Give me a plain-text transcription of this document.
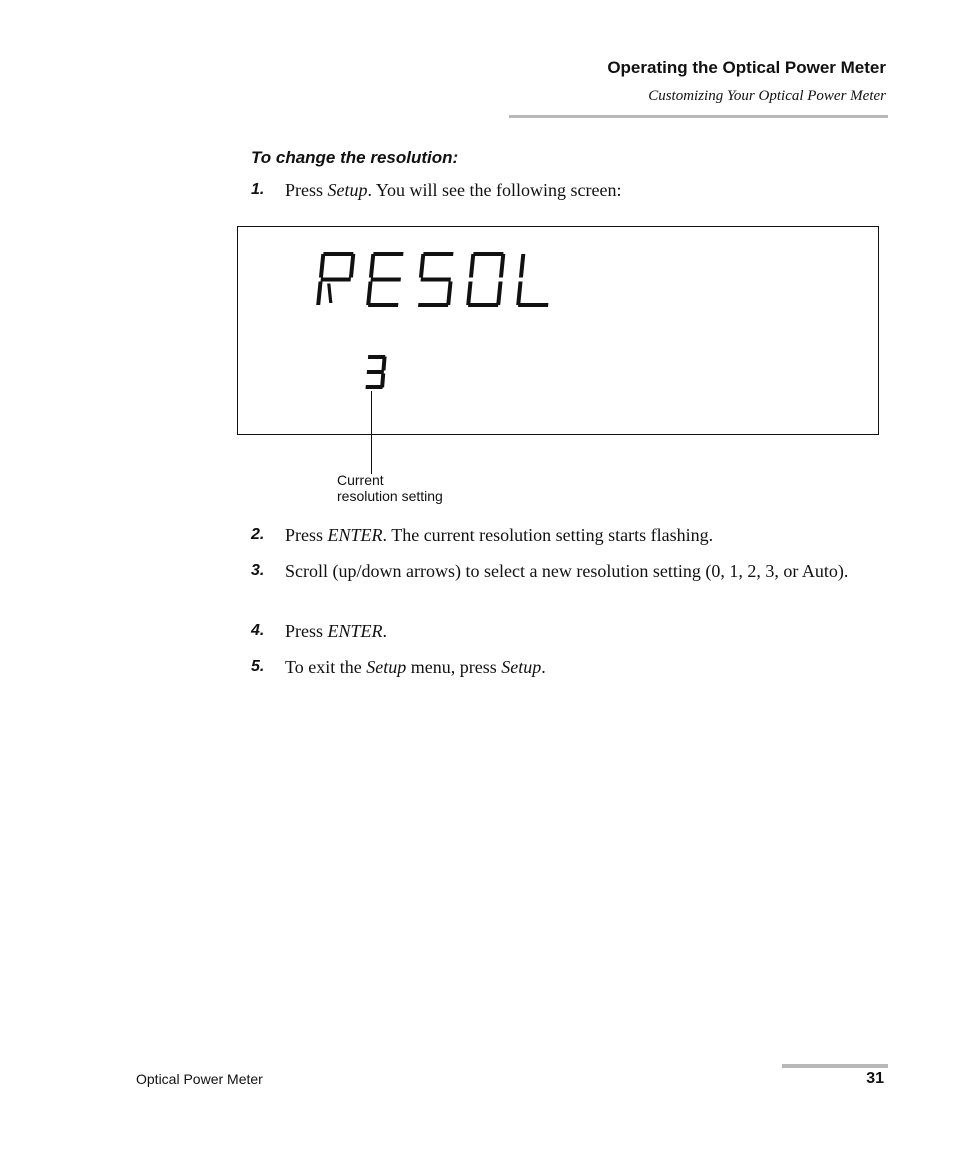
Operating the Optical Power Meter
Customizing Your Optical Power Meter
To change the resolution:
1. Press Setup. You will see the following screen:
Current
resolution setting
2. Press ENTER. The current resolution setting starts flashing.
3. Scroll (up/down arrows) to select a new resolution setting (0, 1, 2, 3, or Auto).
4. Press ENTER.
5. To exit the Setup menu, press Setup.
Optical Power Meter	31
